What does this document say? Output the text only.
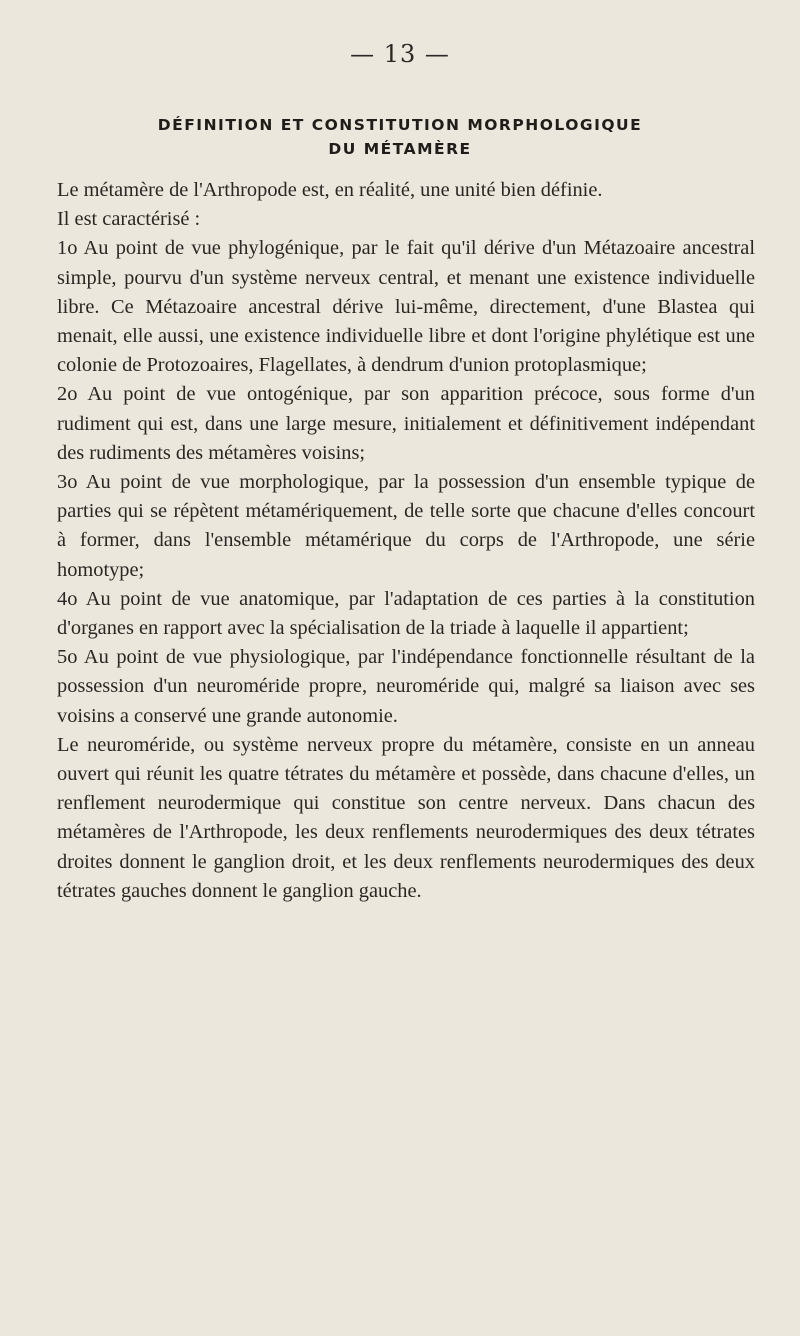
— 13 —
DÉFINITION ET CONSTITUTION MORPHOLOGIQUE
DU MÉTAMÈRE

Le métamère de l'Arthropode est, en réalité, une unité bien définie.

Il est caractérisé :

1o Au point de vue phylogénique, par le fait qu'il dérive d'un Métazoaire ancestral simple, pourvu d'un système nerveux central, et menant une existence individuelle libre. Ce Métazoaire ancestral dérive lui-même, directement, d'une Blastea qui menait, elle aussi, une existence individuelle libre et dont l'origine phylétique est une colonie de Protozoaires, Flagellates, à dendrum d'union protoplasmique;

2o Au point de vue ontogénique, par son apparition précoce, sous forme d'un rudiment qui est, dans une large mesure, initialement et définitivement indépendant des rudiments des métamères voisins;

3o Au point de vue morphologique, par la possession d'un ensemble typique de parties qui se répètent métamériquement, de telle sorte que chacune d'elles concourt à former, dans l'ensemble métamérique du corps de l'Arthropode, une série homotype;

4o Au point de vue anatomique, par l'adaptation de ces parties à la constitution d'organes en rapport avec la spécialisation de la triade à laquelle il appartient;

5o Au point de vue physiologique, par l'indépendance fonctionnelle résultant de la possession d'un neuroméride propre, neuroméride qui, malgré sa liaison avec ses voisins a conservé une grande autonomie.

Le neuroméride, ou système nerveux propre du métamère, consiste en un anneau ouvert qui réunit les quatre tétrates du métamère et possède, dans chacune d'elles, un renflement neurodermique qui constitue son centre nerveux. Dans chacun des métamères de l'Arthropode, les deux renflements neurodermiques des deux tétrates droites donnent le ganglion droit, et les deux renflements neurodermiques des deux tétrates gauches donnent le ganglion gauche.
